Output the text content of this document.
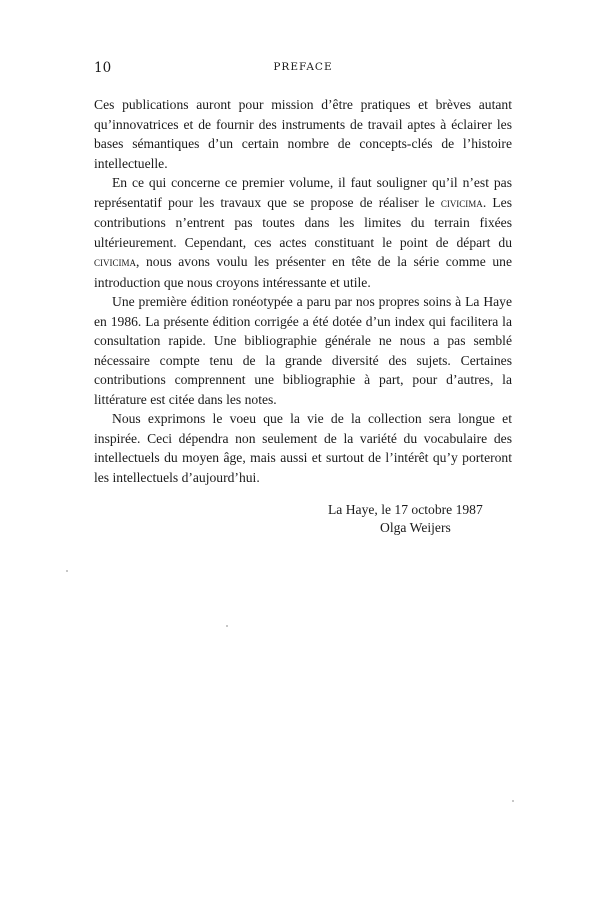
10	PREFACE

Ces publications auront pour mission d’être pratiques et brèves autant qu’innovatrices et de fournir des instruments de travail aptes à éclairer les bases sémantiques d’un certain nombre de concepts-clés de l’histoire intellectuelle.

En ce qui concerne ce premier volume, il faut souligner qu’il n’est pas représentatif pour les travaux que se propose de réaliser le civicima. Les contributions n’entrent pas toutes dans les limites du terrain fixées ultérieurement. Cependant, ces actes constituant le point de départ du civicima, nous avons voulu les présenter en tête de la série comme une introduction que nous croyons intéressante et utile.

Une première édition ronéotypée a paru par nos propres soins à La Haye en 1986. La présente édition corrigée a été dotée d’un index qui facilitera la consultation rapide. Une bibliographie générale ne nous a pas semblé nécessaire compte tenu de la grande diversité des sujets. Certaines contributions comprennent une bibliographie à part, pour d’autres, la littérature est citée dans les notes.

Nous exprimons le voeu que la vie de la collection sera longue et inspirée. Ceci dépendra non seulement de la variété du vocabulaire des intellectuels du moyen âge, mais aussi et surtout de l’intérêt qu’y porteront les intellectuels d’aujourd’hui.

La Haye, le 17 octobre 1987
Olga Weijers
